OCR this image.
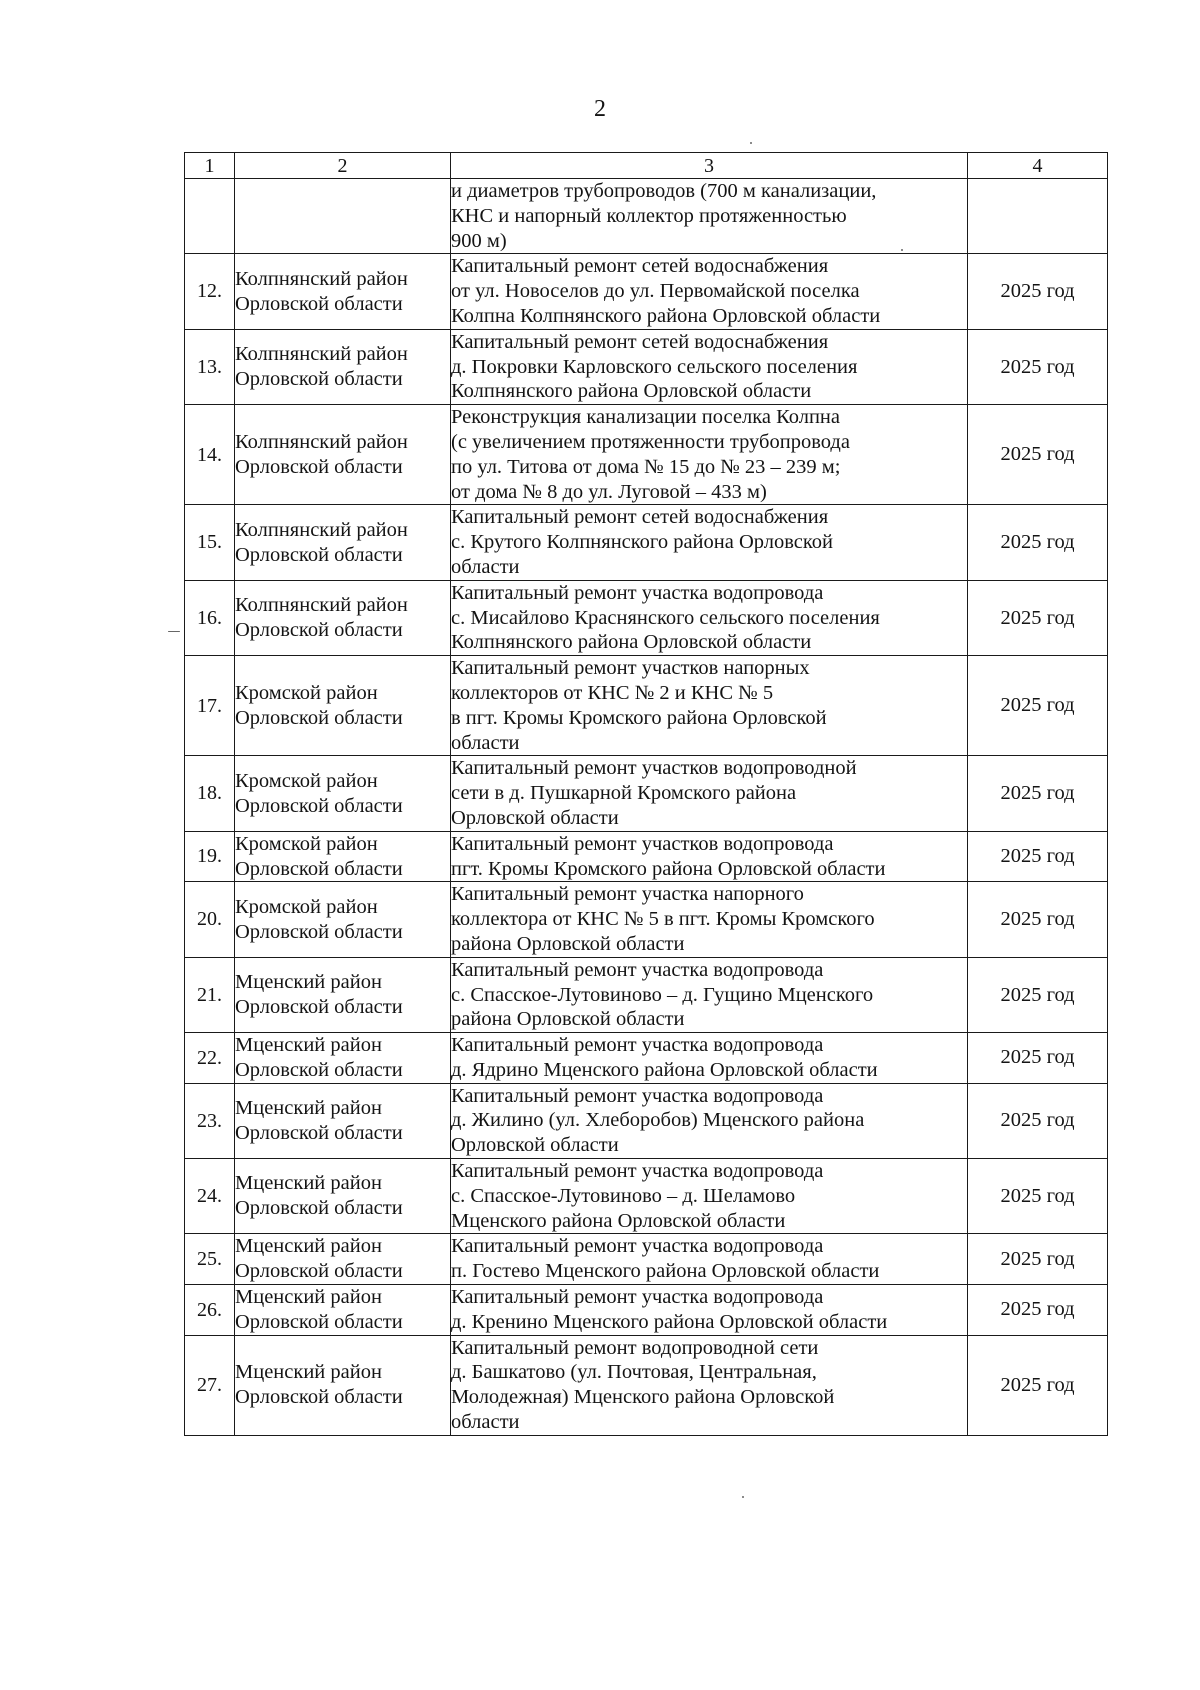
2
1	2	3	4

		и диаметров трубопроводов (700 м канализации,
КНС и напорный коллектор протяженностью
900 м)	

12.	Колпнянский район
Орловской области	Капитальный ремонт сетей водоснабжения
от ул. Новоселов до ул. Первомайской поселка
Колпна Колпнянского района Орловской области	2025 год
13.	Колпнянский район
Орловской области	Капитальный ремонт сетей водоснабжения
д. Покровки Карловского сельского поселения
Колпнянского района Орловской области	2025 год
14.	Колпнянский район
Орловской области	Реконструкция канализации поселка Колпна
(с увеличением протяженности трубопровода
по ул. Титова от дома № 15 до № 23 – 239 м;
от дома № 8 до ул. Луговой – 433 м)	2025 год
15.	Колпнянский район
Орловской области	Капитальный ремонт сетей водоснабжения
с. Крутого Колпнянского района Орловской
области	2025 год
16.	Колпнянский район
Орловской области	Капитальный ремонт участка водопровода
с. Мисайлово Краснянского сельского поселения
Колпнянского района Орловской области	2025 год
17.	Кромской район
Орловской области	Капитальный ремонт участков напорных
коллекторов от КНС № 2 и КНС № 5
в пгт. Кромы Кромского района Орловской
области	2025 год
18.	Кромской район
Орловской области	Капитальный ремонт участков водопроводной
сети в д. Пушкарной Кромского района
Орловской области	2025 год
19.	Кромской район
Орловской области	Капитальный ремонт участков водопровода
пгт. Кромы Кромского района Орловской области	2025 год
20.	Кромской район
Орловской области	Капитальный ремонт участка напорного
коллектора от КНС № 5 в пгт. Кромы Кромского
района Орловской области	2025 год
21.	Мценский район
Орловской области	Капитальный ремонт участка водопровода
с. Спасское-Лутовиново – д. Гущино Мценского
района Орловской области	2025 год
22.	Мценский район
Орловской области	Капитальный ремонт участка водопровода
д. Ядрино Мценского района Орловской области	2025 год
23.	Мценский район
Орловской области	Капитальный ремонт участка водопровода
д. Жилино (ул. Хлеборобов) Мценского района
Орловской области	2025 год
24.	Мценский район
Орловской области	Капитальный ремонт участка водопровода
с. Спасское-Лутовиново – д. Шеламово
Мценского района Орловской области	2025 год
25.	Мценский район
Орловской области	Капитальный ремонт участка водопровода
п. Гостево Мценского района Орловской области	2025 год
26.	Мценский район
Орловской области	Капитальный ремонт участка водопровода
д. Кренино Мценского района Орловской области	2025 год
27.	Мценский район
Орловской области	Капитальный ремонт водопроводной сети
д. Башкатово (ул. Почтовая, Центральная,
Молодежная) Мценского района Орловской
области	2025 год
